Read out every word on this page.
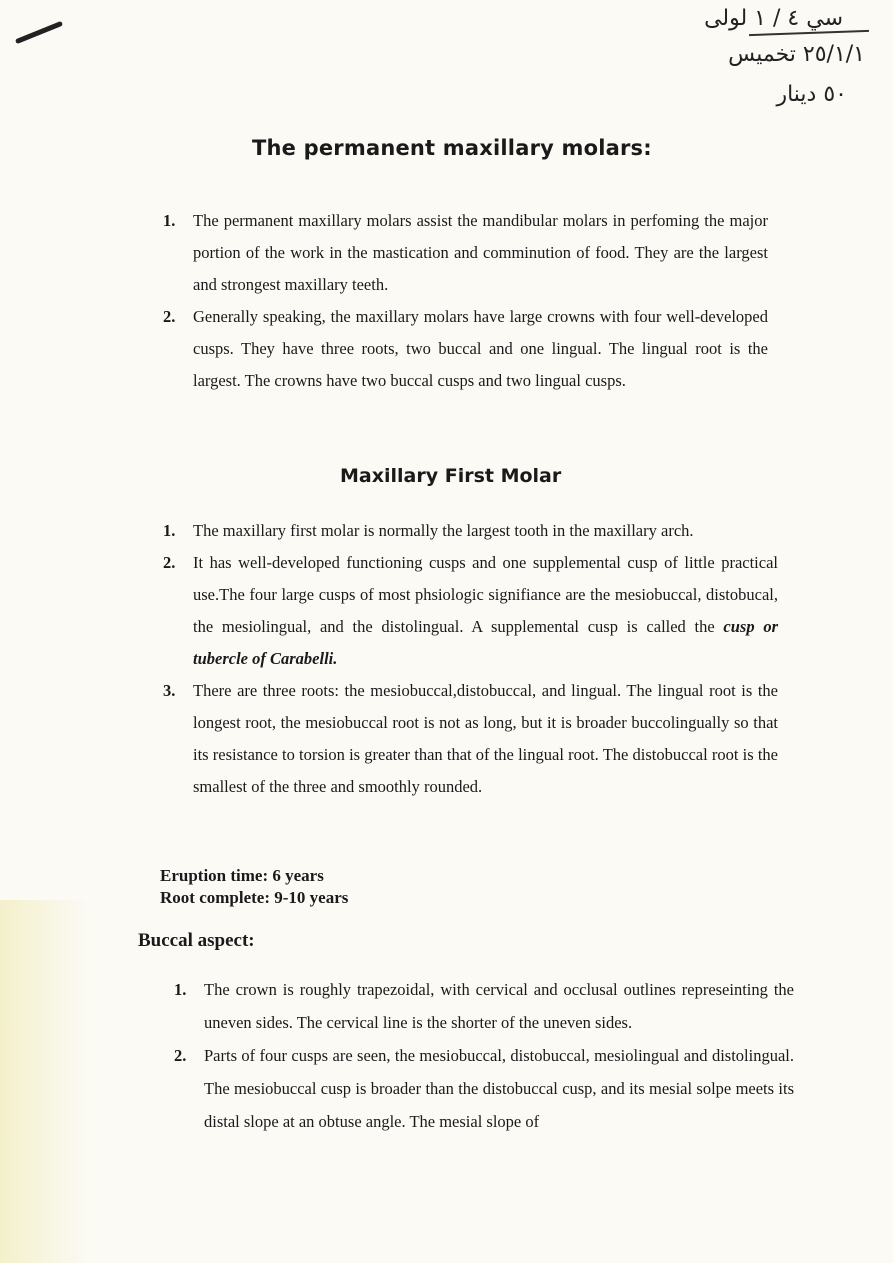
سي ٤ / ١ لولى
٢٥/١/١ تخميس
٥٠ دينار
The permanent maxillary molars:
1. The permanent maxillary molars assist the mandibular molars in perfoming the major portion of the work in the mastication and comminution of food. They are the largest and strongest maxillary teeth.
2. Generally speaking, the maxillary molars have large crowns with four well-developed cusps. They have three roots, two buccal and one lingual. The lingual root is the largest. The crowns have two buccal cusps and two lingual cusps.
Maxillary First Molar
1. The maxillary first molar is normally the largest tooth in the maxillary arch.
2. It has well-developed functioning cusps and one supplemental cusp of little practical use.The four large cusps of most phsiologic signifiance are the mesiobuccal, distobucal, the mesiolingual, and the distolingual. A supplemental cusp is called the cusp or tubercle of Carabelli.
3. There are three roots: the mesiobuccal,distobuccal, and lingual. The lingual root is the longest root, the mesiobuccal root is not as long, but it is broader buccolingually so that its resistance to torsion is greater than that of the lingual root. The distobuccal root is the smallest of the three and smoothly rounded.
Eruption time: 6 years
Root complete: 9-10 years
Buccal aspect:
1. The crown is roughly trapezoidal, with cervical and occlusal outlines represeinting the uneven sides. The cervical line is the shorter of the uneven sides.
2. Parts of four cusps are seen, the mesiobuccal, distobuccal, mesiolingual and distolingual. The mesiobuccal cusp is broader than the distobuccal cusp, and its mesial solpe meets its distal slope at an obtuse angle. The mesial slope of
